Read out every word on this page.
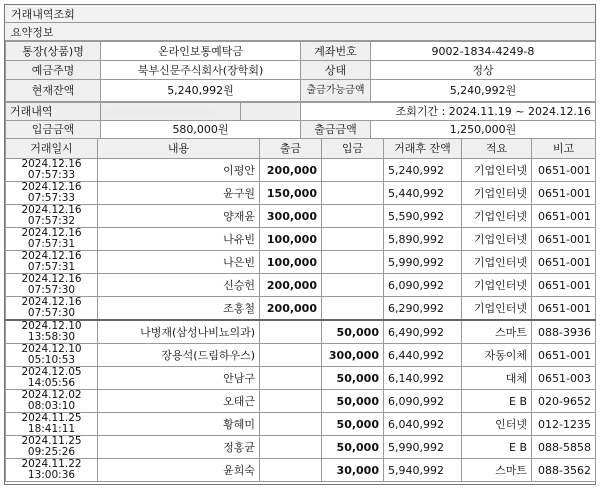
거래내역조회
요약정보
통장(상품)명	온라인보통예탁금	계좌번호	9002-1834-4249-8
예금주명	북부신문주식회사(장학회)	상태	정상
현재잔액	5,240,992원	출금가능금액	5,240,992원
거래내역			조회기간 : 2024.11.19 ~ 2024.12.16
입금금액	580,000원	출금금액	1,250,000원
거래일시	내용	출금	입금	거래후 잔액	적요	비고

2024.12.16
07:57:33	이평안	200,000		5,240,992	기업인터넷	0651-001

2024.12.16
07:57:33	윤구원	150,000		5,440,992	기업인터넷	0651-001

2024.12.16
07:57:32	양재윤	300,000		5,590,992	기업인터넷	0651-001

2024.12.16
07:57:31	나유빈	100,000		5,890,992	기업인터넷	0651-001

2024.12.16
07:57:31	나은빈	100,000		5,990,992	기업인터넷	0651-001

2024.12.16
07:57:30	신승헌	200,000		6,090,992	기업인터넷	0651-001

2024.12.16
07:57:30	조홍철	200,000		6,290,992	기업인터넷	0651-001

2024.12.10
13:58:30	나병재(삼성나비뇨의과)		50,000	6,490,992	스마트	088-3936

2024.12.10
05:10:53	장용석(드림하우스)		300,000	6,440,992	자동이체	0651-001

2024.12.05
14:05:56	안남구		50,000	6,140,992	대체	0651-003

2024.12.02
08:03:10	오태근		50,000	6,090,992	E B	020-9652

2024.11.25
18:41:11	황혜미		50,000	6,040,992	인터넷	012-1235

2024.11.25
09:25:26	정홍균		50,000	5,990,992	E B	088-5858

2024.11.22
13:00:36	윤희숙		30,000	5,940,992	스마트	088-3562
